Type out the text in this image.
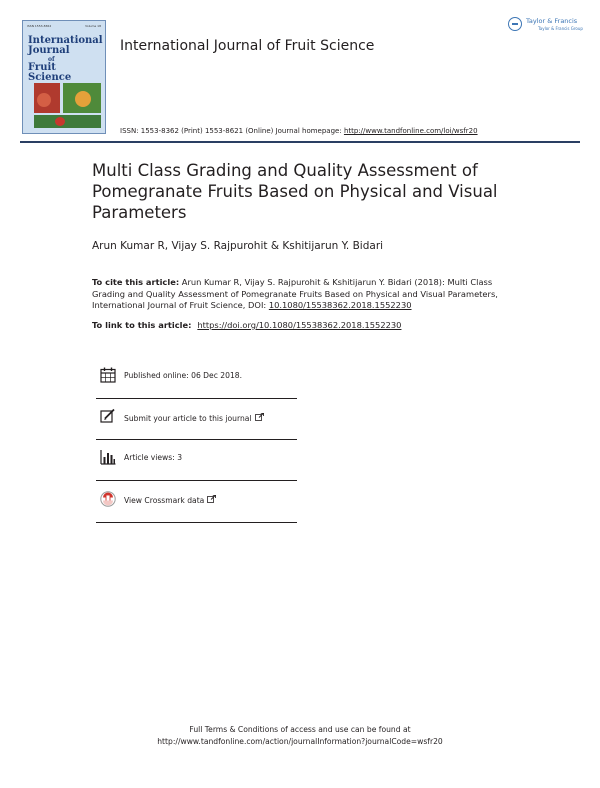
ISSN 1553-8362	Volume 18
International
Journal
of
Fruit Science
International Journal of Fruit Science
ISSN: 1553-8362 (Print) 1553-8621 (Online) Journal homepage: http://www.tandfonline.com/loi/wsfr20
Taylor & Francis
Taylor & Francis Group
Multi Class Grading and Quality Assessment of Pomegranate Fruits Based on Physical and Visual Parameters
Arun Kumar R, Vijay S. Rajpurohit & Kshitijarun Y. Bidari
To cite this article: Arun Kumar R, Vijay S. Rajpurohit & Kshitijarun Y. Bidari (2018): Multi Class Grading and Quality Assessment of Pomegranate Fruits Based on Physical and Visual Parameters, International Journal of Fruit Science, DOI: 10.1080/15538362.2018.1552230
To link to this article: https://doi.org/10.1080/15538362.2018.1552230
Published online: 06 Dec 2018.
Submit your article to this journal
Article views: 3
View Crossmark data
Full Terms & Conditions of access and use can be found at
http://www.tandfonline.com/action/journalInformation?journalCode=wsfr20
